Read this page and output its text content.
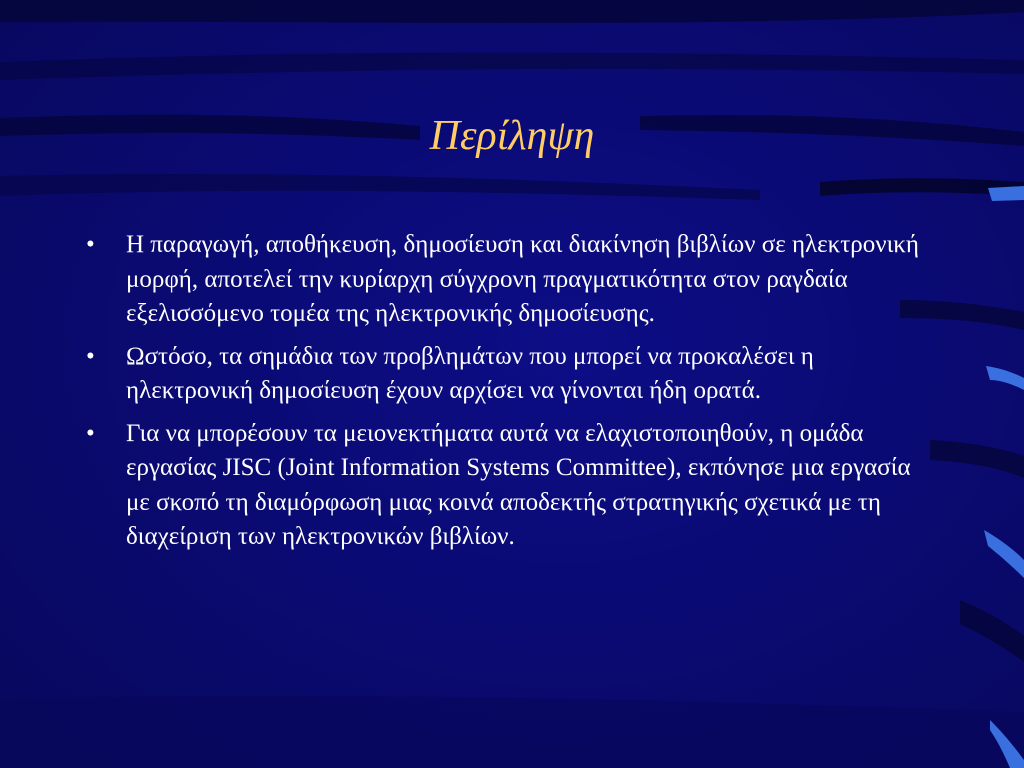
Περίληψη
• Η παραγωγή, αποθήκευση, δημοσίευση και διακίνηση βιβλίων σε ηλεκτρονική μορφή, αποτελεί την κυρίαρχη σύγχρονη πραγματικότητα στον ραγδαία εξελισσόμενο τομέα της ηλεκτρονικής δημοσίευσης.
• Ωστόσο, τα σημάδια των προβλημάτων που μπορεί να προκαλέσει η ηλεκτρονική δημοσίευση έχουν αρχίσει να γίνονται ήδη ορατά.
• Για να μπορέσουν τα μειονεκτήματα αυτά να ελαχιστοποιηθούν, η ομάδα εργασίας JISC (Joint Information Systems Committee), εκπόνησε μια εργασία με σκοπό τη διαμόρφωση μιας κοινά αποδεκτής στρατηγικής σχετικά με τη διαχείριση των ηλεκτρονικών βιβλίων.
